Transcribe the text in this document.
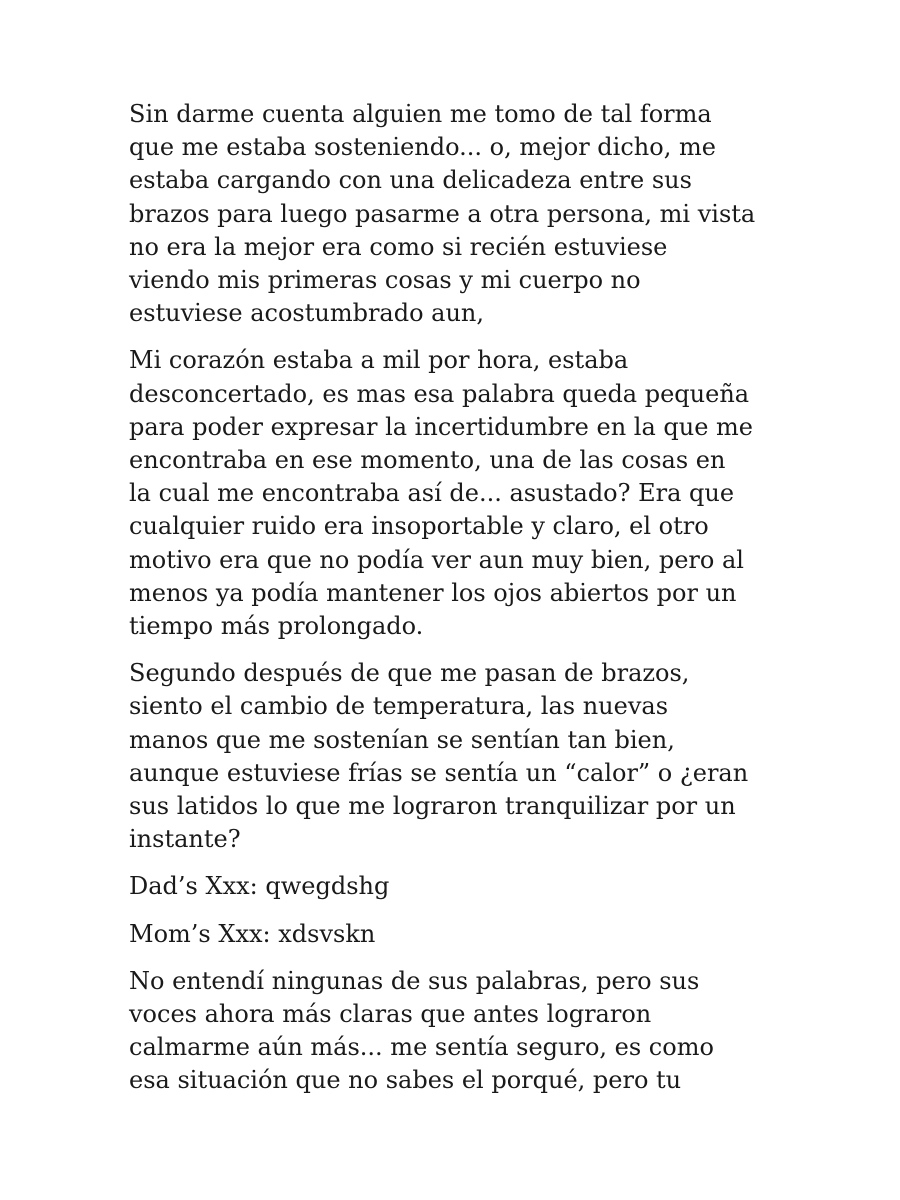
Sin darme cuenta alguien me tomo de tal forma
que me estaba sosteniendo... o, mejor dicho, me
estaba cargando con una delicadeza entre sus
brazos para luego pasarme a otra persona, mi vista
no era la mejor era como si recién estuviese
viendo mis primeras cosas y mi cuerpo no
estuviese acostumbrado aun,

Mi corazón estaba a mil por hora, estaba
desconcertado, es mas esa palabra queda pequeña
para poder expresar la incertidumbre en la que me
encontraba en ese momento, una de las cosas en
la cual me encontraba así de... asustado? Era que
cualquier ruido era insoportable y claro, el otro
motivo era que no podía ver aun muy bien, pero al
menos ya podía mantener los ojos abiertos por un
tiempo más prolongado.

Segundo después de que me pasan de brazos,
siento el cambio de temperatura, las nuevas
manos que me sostenían se sentían tan bien,
aunque estuviese frías se sentía un “calor” o ¿eran
sus latidos lo que me lograron tranquilizar por un
instante?

Dad’s Xxx: qwegdshg

Mom’s Xxx: xdsvskn

No entendí ningunas de sus palabras, pero sus
voces ahora más claras que antes lograron
calmarme aún más... me sentía seguro, es como
esa situación que no sabes el porqué, pero tu
